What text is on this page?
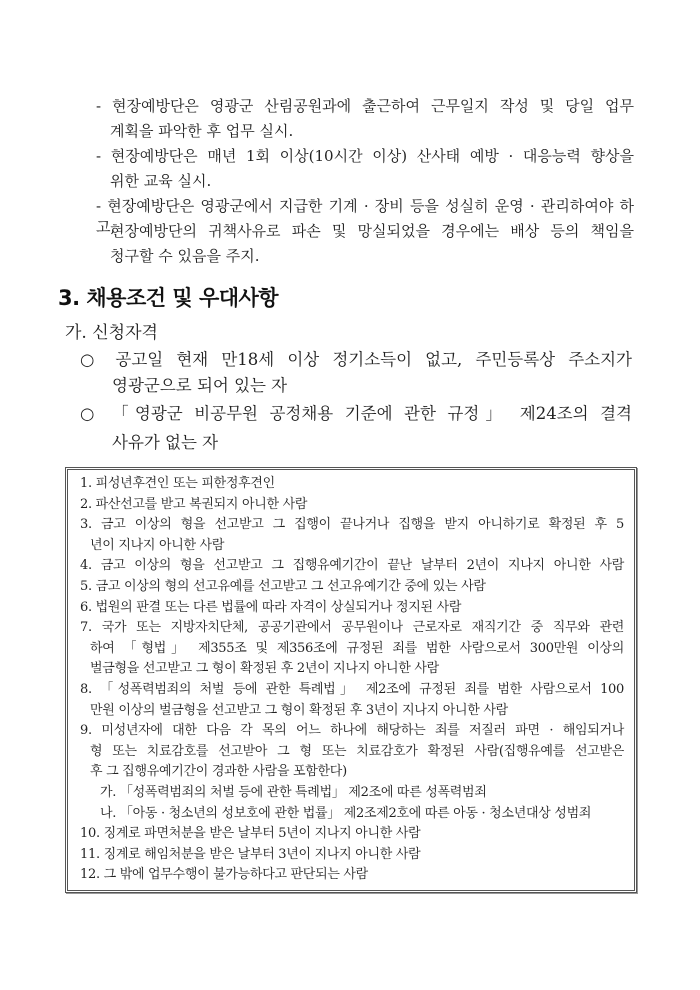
- 현장예방단은 영광군 산림공원과에 출근하여 근무일지 작성 및 당일 업무
계획을 파악한 후 업무 실시.
- 현장예방단은 매년 1회 이상(10시간 이상) 산사태 예방 · 대응능력 향상을
위한 교육 실시.
- 현장예방단은 영광군에서 지급한 기계 · 장비 등을 성실히 운영 · 관리하여야 하고,
현장예방단의 귀책사유로 파손 및 망실되었을 경우에는 배상 등의 책임을
청구할 수 있음을 주지.
3. 채용조건 및 우대사항
가. 신청자격
○ 공고일 현재 만18세 이상 정기소득이 없고, 주민등록상 주소지가
영광군으로 되어 있는 자
○ 「영광군 비공무원 공정채용 기준에 관한 규정」 제24조의 결격
사유가 없는 자
1. 피성년후견인 또는 피한정후견인
2. 파산선고를 받고 복권되지 아니한 사람
3. 금고 이상의 형을 선고받고 그 집행이 끝나거나 집행을 받지 아니하기로 확정된 후 5
년이 지나지 아니한 사람
4. 금고 이상의 형을 선고받고 그 집행유예기간이 끝난 날부터 2년이 지나지 아니한 사람
5. 금고 이상의 형의 선고유예를 선고받고 그 선고유예기간 중에 있는 사람
6. 법원의 판결 또는 다른 법률에 따라 자격이 상실되거나 정지된 사람
7. 국가 또는 지방자치단체, 공공기관에서 공무원이나 근로자로 재직기간 중 직무와 관련
하여 「형법」 제355조 및 제356조에 규정된 죄를 범한 사람으로서 300만원 이상의
벌금형을 선고받고 그 형이 확정된 후 2년이 지나지 아니한 사람
8. 「성폭력범죄의 처벌 등에 관한 특례법」 제2조에 규정된 죄를 범한 사람으로서 100
만원 이상의 벌금형을 선고받고 그 형이 확정된 후 3년이 지나지 아니한 사람
9. 미성년자에 대한 다음 각 목의 어느 하나에 해당하는 죄를 저질러 파면 · 해임되거나
형 또는 치료감호를 선고받아 그 형 또는 치료감호가 확정된 사람(집행유예를 선고받은
후 그 집행유예기간이 경과한 사람을 포함한다)
가. 「성폭력범죄의 처벌 등에 관한 특례법」 제2조에 따른 성폭력범죄
나. 「아동 · 청소년의 성보호에 관한 법률」 제2조제2호에 따른 아동 · 청소년대상 성범죄
10. 징계로 파면처분을 받은 날부터 5년이 지나지 아니한 사람
11. 징계로 해임처분을 받은 날부터 3년이 지나지 아니한 사람
12. 그 밖에 업무수행이 불가능하다고 판단되는 사람
